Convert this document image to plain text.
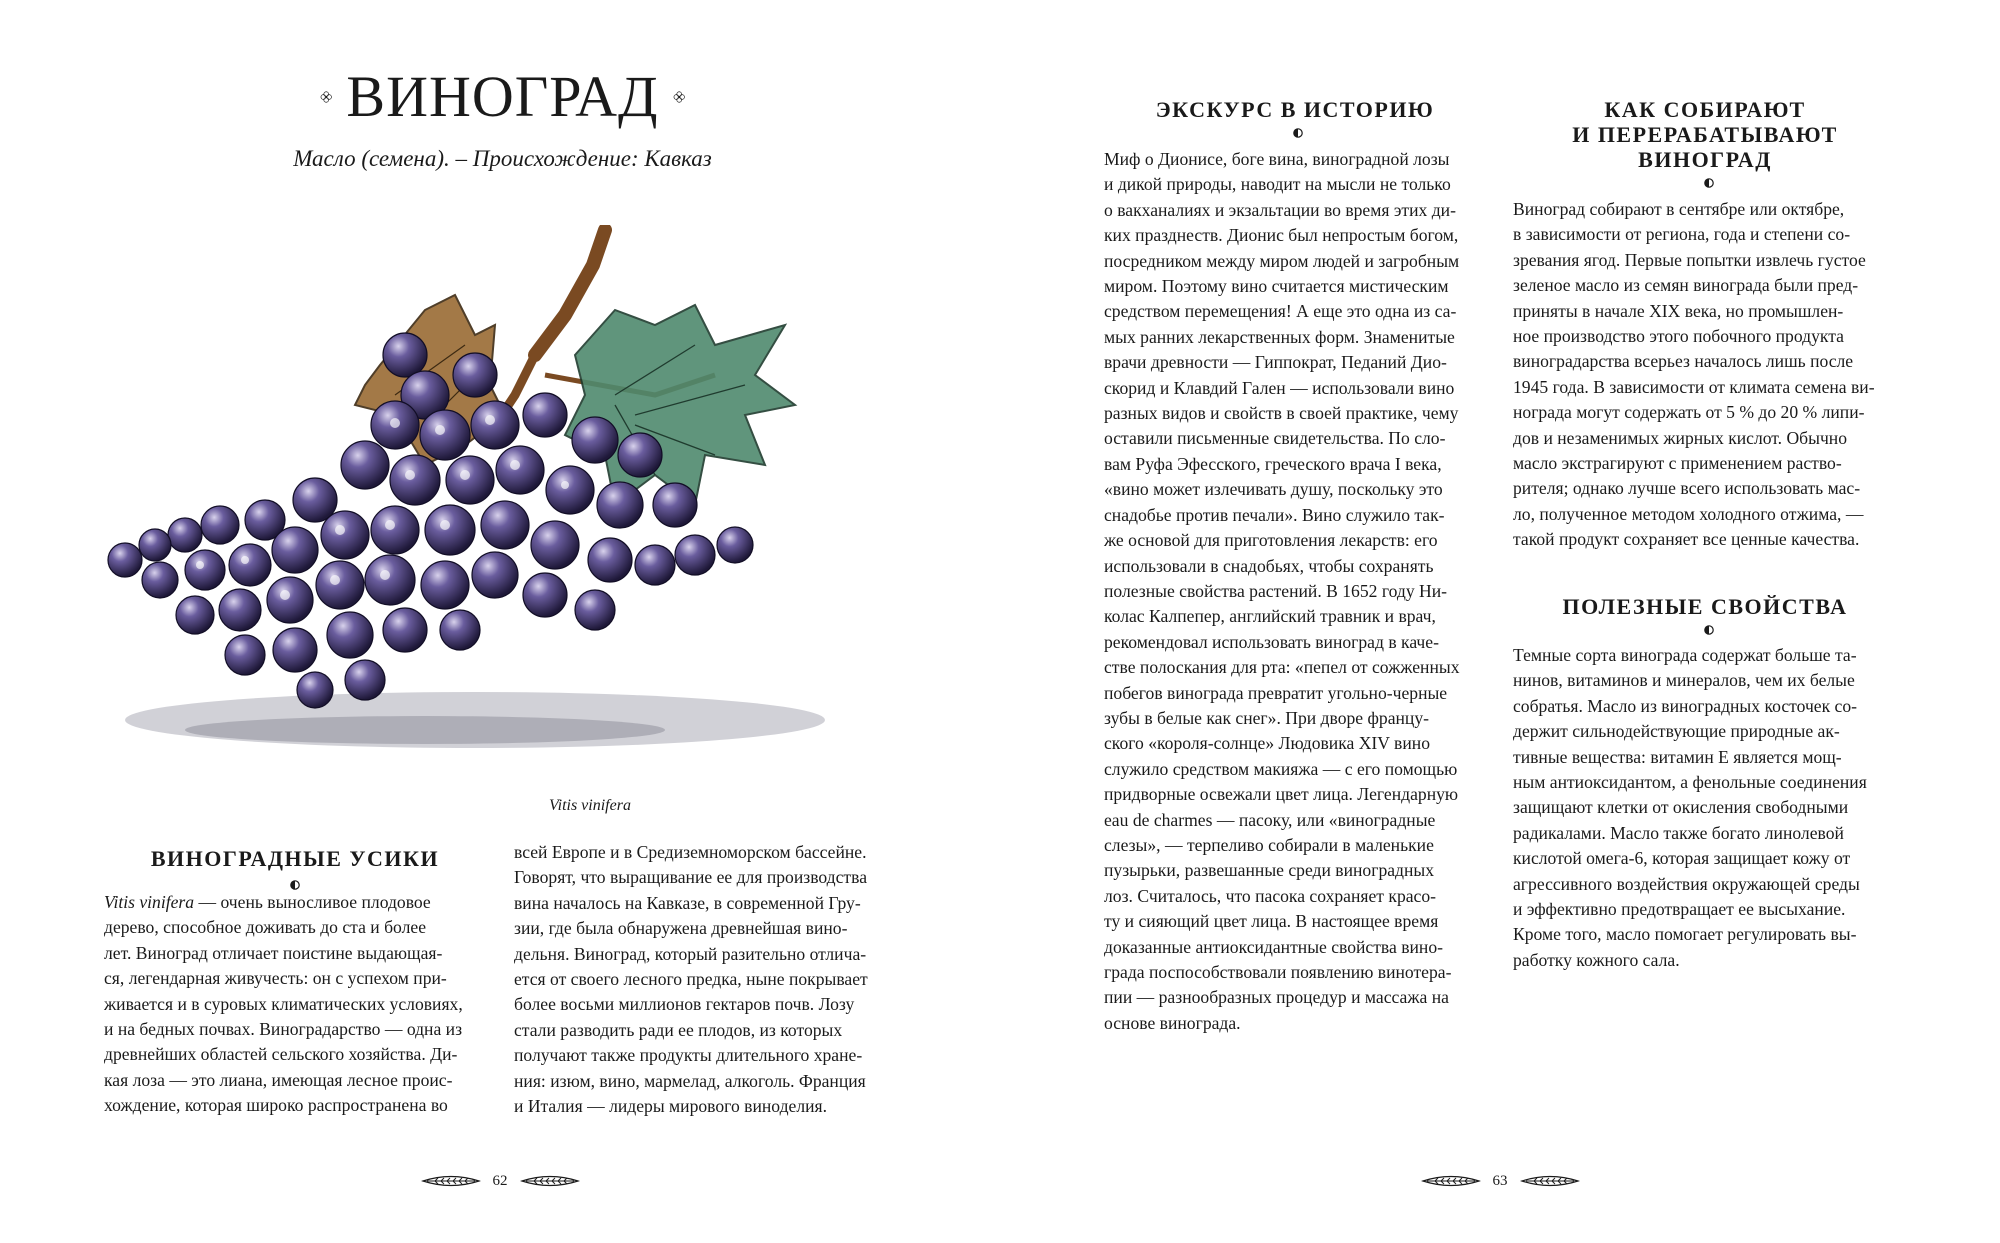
ВИНОГРАД
Масло (семена). – Происхождение: Кавказ
Vitis vinifera
ВИНОГРАДНЫЕ УСИКИ

Vitis vinifera — очень выносливое плодовое

дерево, способное доживать до ста и более

лет. Виноград отличает поистине выдающая-

ся, легендарная живучесть: он с успехом при-

живается и в суровых климатических условиях,

и на бедных почвах. Виноградарство — одна из

древнейших областей сельского хозяйства. Ди-

кая лоза — это лиана, имеющая лесное проис-

хождение, которая широко распространена во

всей Европе и в Средиземноморском бассейне.

Говорят, что выращивание ее для производства

вина началось на Кавказе, в современной Гру-

зии, где была обнаружена древнейшая вино-

дельня. Виноград, который разительно отлича-

ется от своего лесного предка, ныне покрывает

более восьми миллионов гектаров почв. Лозу

стали разводить ради ее плодов, из которых

получают также продукты длительного хране-

ния: изюм, вино, мармелад, алкоголь. Франция

и Италия — лидеры мирового виноделия.

62
ЭКСКУРС В ИСТОРИЮ

Миф о Дионисе, боге вина, виноградной лозы

и дикой природы, наводит на мысли не только

о вакханалиях и экзальтации во время этих ди-

ких празднеств. Дионис был непростым богом,

посредником между миром людей и загробным

миром. Поэтому вино считается мистическим

средством перемещения! А еще это одна из са-

мых ранних лекарственных форм. Знаменитые

врачи древности — Гиппократ, Педаний Дио-

скорид и Клавдий Гален — использовали вино

разных видов и свойств в своей практике, чему

оставили письменные свидетельства. По сло-

вам Руфа Эфесского, греческого врача I века,

«вино может излечивать душу, поскольку это

снадобье против печали». Вино служило так-

же основой для приготовления лекарств: его

использовали в снадобьях, чтобы сохранять

полезные свойства растений. В 1652 году Ни-

колас Калпепер, английский травник и врач,

рекомендовал использовать виноград в каче-

стве полоскания для рта: «пепел от сожженных

побегов винограда превратит угольно-черные

зубы в белые как снег». При дворе францу-

ского «короля-солнце» Людовика XIV вино

служило средством макияжа — с его помощью

придворные освежали цвет лица. Легендарную

eau de charmes — пасоку, или «виноградные

слезы», — терпеливо собирали в маленькие

пузырьки, развешанные среди виноградных

лоз. Считалось, что пасока сохраняет красо-

ту и сияющий цвет лица. В настоящее время

доказанные антиоксидантные свойства вино-

града поспособствовали появлению винотера-

пии — разнообразных процедур и массажа на

основе винограда.

КАК СОБИРАЮТ
И ПЕРЕРАБАТЫВАЮТ
ВИНОГРАД

Виноград собирают в сентябре или октябре,

в зависимости от региона, года и степени со-

зревания ягод. Первые попытки извлечь густое

зеленое масло из семян винограда были пред-

приняты в начале XIX века, но промышлен-

ное производство этого побочного продукта

виноградарства всерьез началось лишь после

1945 года. В зависимости от климата семена ви-

нограда могут содержать от 5 % до 20 % липи-

дов и незаменимых жирных кислот. Обычно

масло экстрагируют с применением раство-

рителя; однако лучше всего использовать мас-

ло, полученное методом холодного отжима, —

такой продукт сохраняет все ценные качества.

ПОЛЕЗНЫЕ СВОЙСТВА

Темные сорта винограда содержат больше та-

нинов, витаминов и минералов, чем их белые

собратья. Масло из виноградных косточек со-

держит сильнодействующие природные ак-

тивные вещества: витамин E является мощ-

ным антиоксидантом, а фенольные соединения

защищают клетки от окисления свободными

радикалами. Масло также богато линолевой

кислотой омега-6, которая защищает кожу от

агрессивного воздействия окружающей среды

и эффективно предотвращает ее высыхание.

Кроме того, масло помогает регулировать вы-

работку кожного сала.

63
